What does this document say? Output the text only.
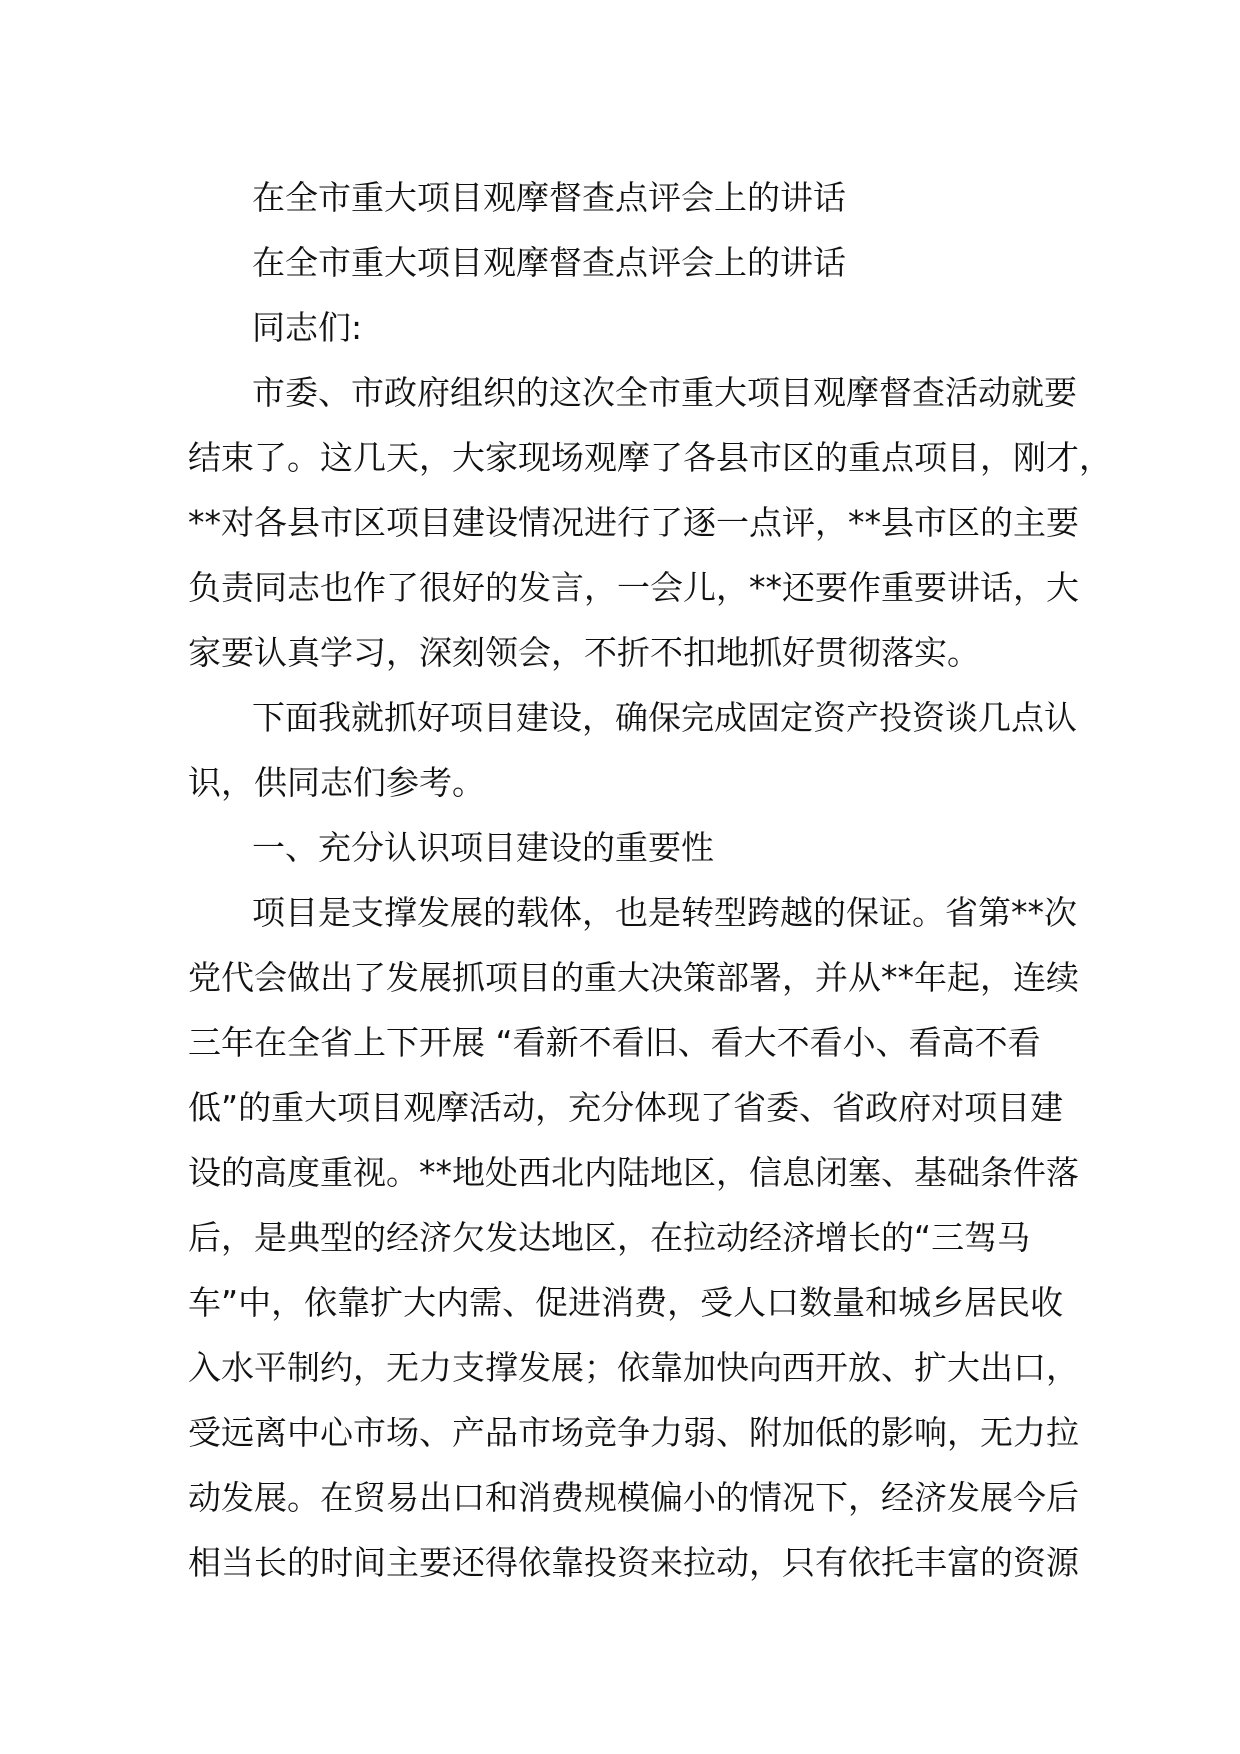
在全市重大项目观摩督查点评会上的讲话
在全市重大项目观摩督查点评会上的讲话
同志们:
市委、市政府组织的这次全市重大项目观摩督查活动就要
结束了。这几天，大家现场观摩了各县市区的重点项目，刚才，
**对各县市区项目建设情况进行了逐一点评，**县市区的主要
负责同志也作了很好的发言，一会儿，**还要作重要讲话，大
家要认真学习，深刻领会，不折不扣地抓好贯彻落实。
下面我就抓好项目建设，确保完成固定资产投资谈几点认
识，供同志们参考。
一、充分认识项目建设的重要性
项目是支撑发展的载体，也是转型跨越的保证。省第**次
党代会做出了发展抓项目的重大决策部署，并从**年起，连续
三年在全省上下开展 “看新不看旧、看大不看小、看高不看
低”的重大项目观摩活动，充分体现了省委、省政府对项目建
设的高度重视。**地处西北内陆地区，信息闭塞、基础条件落
后，是典型的经济欠发达地区，在拉动经济增长的“三驾马
车”中，依靠扩大内需、促进消费，受人口数量和城乡居民收
入水平制约，无力支撑发展；依靠加快向西开放、扩大出口，
受远离中心市场、产品市场竞争力弱、附加低的影响，无力拉
动发展。在贸易出口和消费规模偏小的情况下，经济发展今后
相当长的时间主要还得依靠投资来拉动，只有依托丰富的资源
